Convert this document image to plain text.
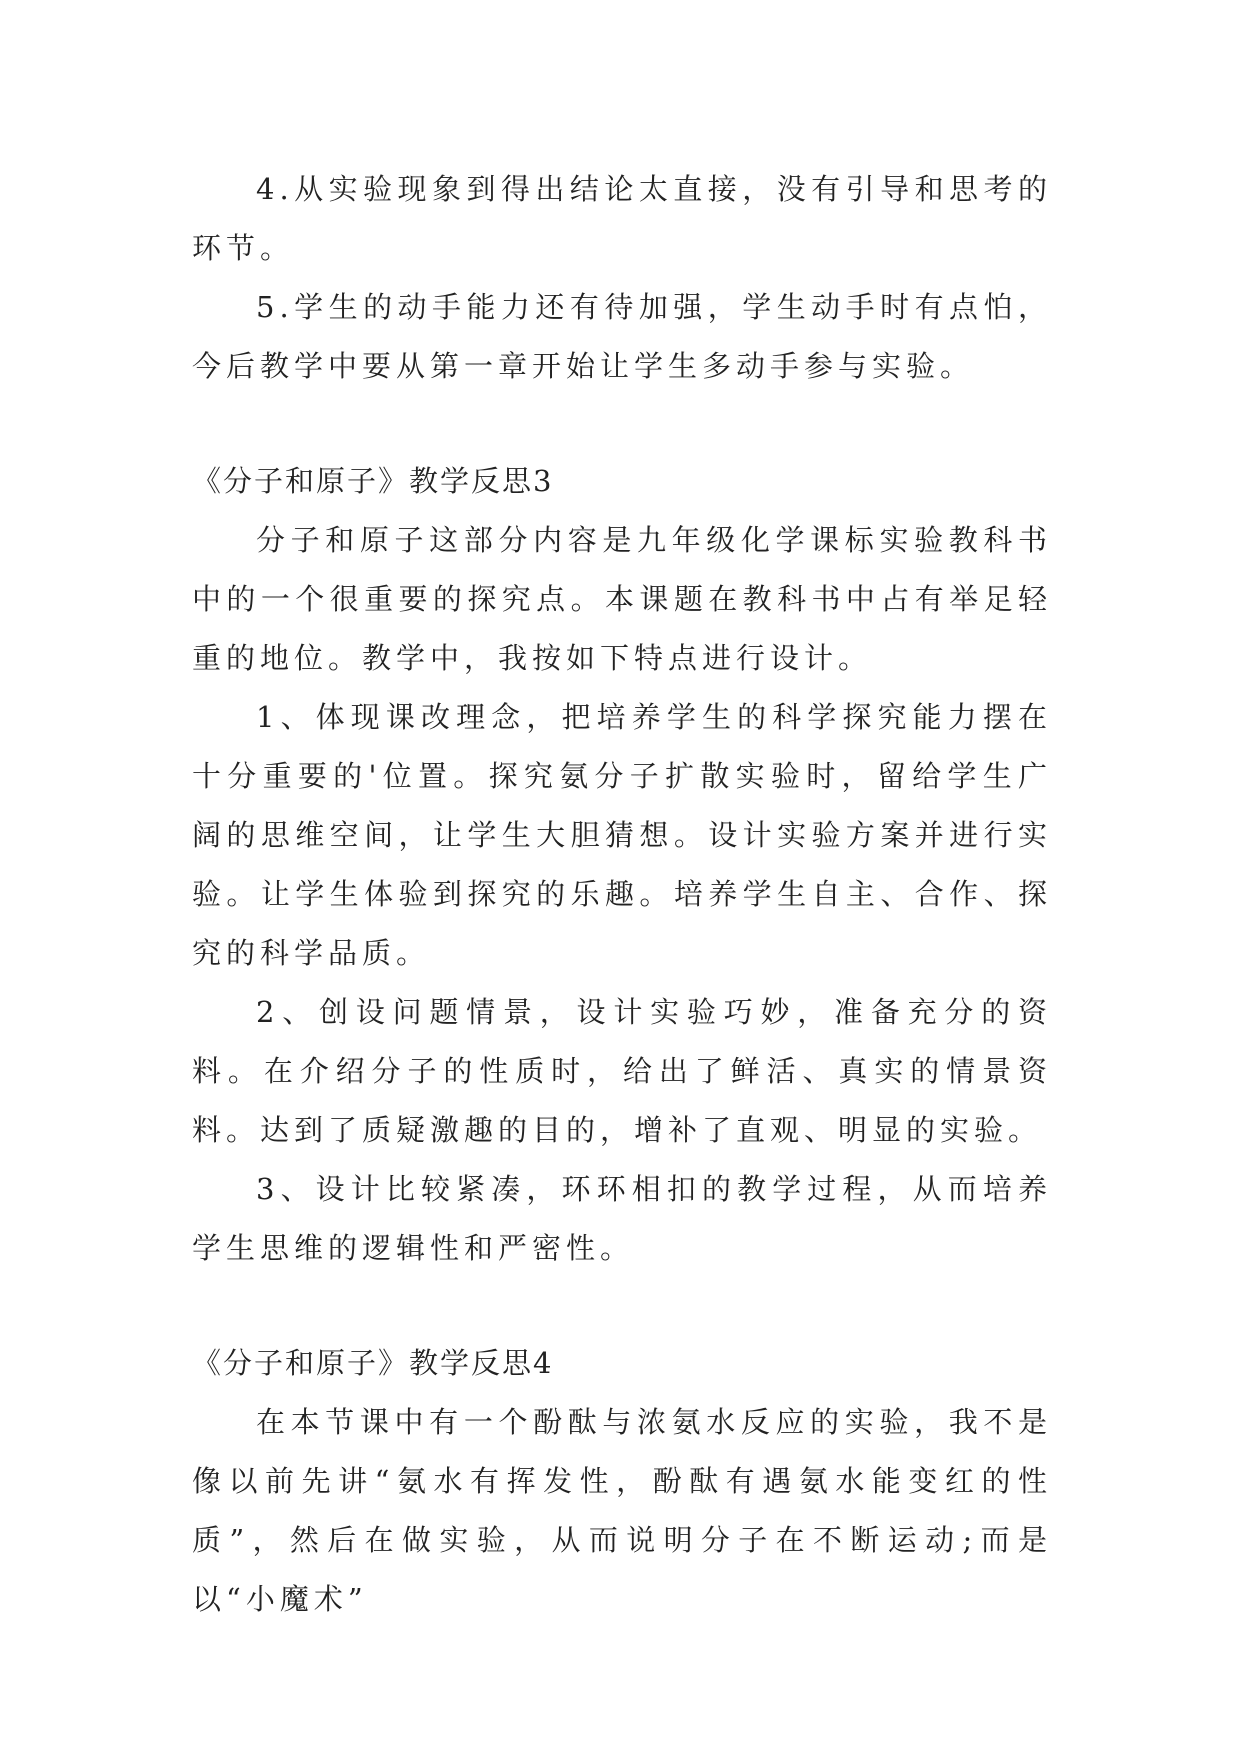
4.从实验现象到得出结论太直接，没有引导和思考的环节。

5.学生的动手能力还有待加强，学生动手时有点怕，今后教学中要从第一章开始让学生多动手参与实验。

《分子和原子》教学反思3

分子和原子这部分内容是九年级化学课标实验教科书中的一个很重要的探究点。本课题在教科书中占有举足轻重的地位。教学中，我按如下特点进行设计。

1、体现课改理念，把培养学生的科学探究能力摆在十分重要的'位置。探究氨分子扩散实验时，留给学生广阔的思维空间，让学生大胆猜想。设计实验方案并进行实验。让学生体验到探究的乐趣。培养学生自主、合作、探究的科学品质。

2、创设问题情景，设计实验巧妙，准备充分的资料。在介绍分子的性质时，给出了鲜活、真实的情景资料。达到了质疑激趣的目的，增补了直观、明显的实验。

3、设计比较紧凑，环环相扣的教学过程，从而培养学生思维的逻辑性和严密性。

《分子和原子》教学反思4

在本节课中有一个酚酞与浓氨水反应的实验，我不是像以前先讲“氨水有挥发性，酚酞有遇氨水能变红的性质”，然后在做实验，从而说明分子在不断运动;而是以“小魔术”
